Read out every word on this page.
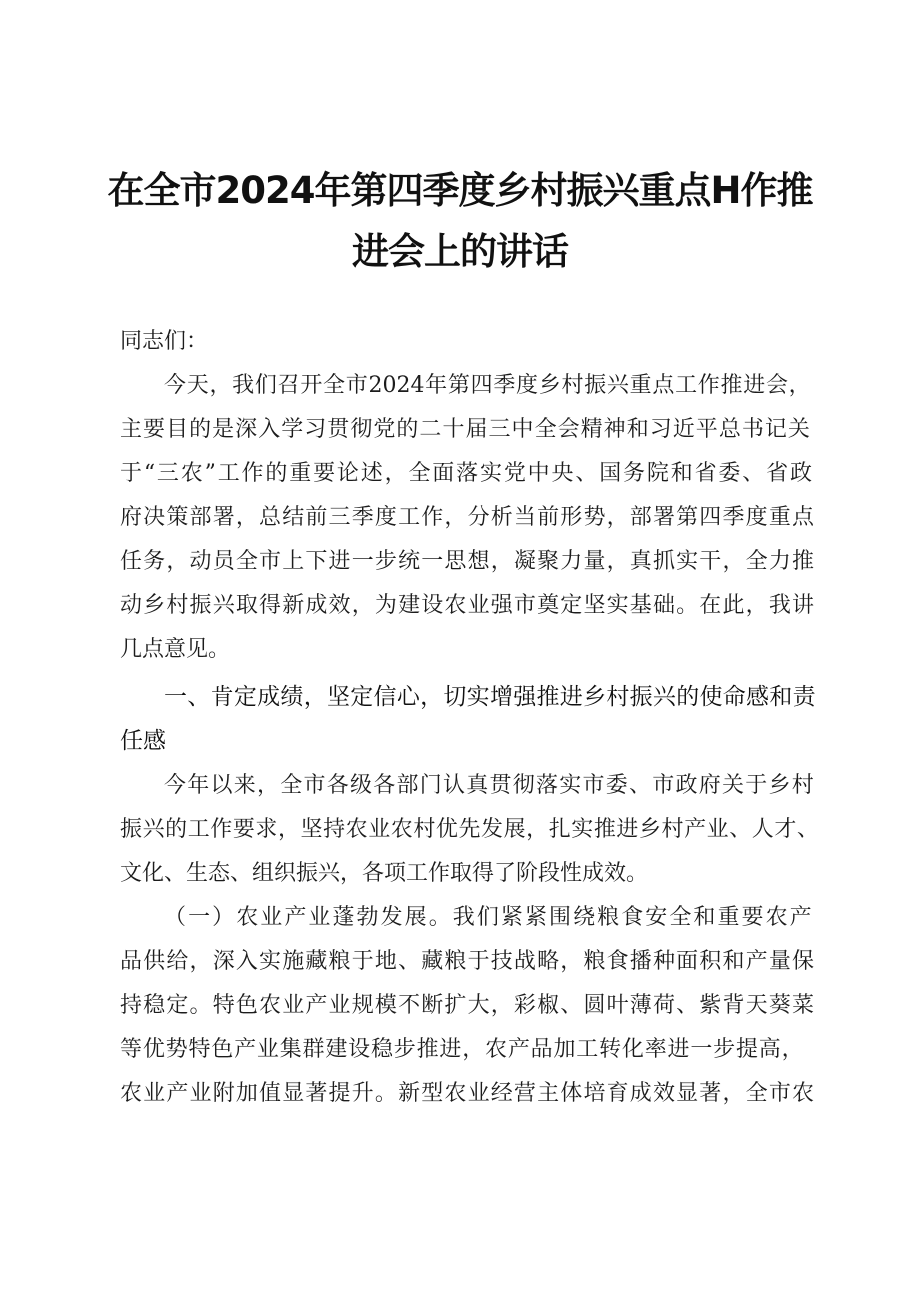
在全市2024年第四季度乡村振兴重点H作推
进会上的讲话
同志们：
今 天 ， 我 们 召 开 全 市 2024 年 第 四 季 度 乡 村 振 兴 重 点 工 作 推 进 会 ，
主 要 目 的 是 深 入 学 习 贯 彻 党 的 二 十 届 三 中 全 会 精 神 和 习 近 平 总 书 记 关
于 “ 三 农 ” 工 作 的 重 要 论 述 ， 全 面 落 实 党 中 央 、 国 务 院 和 省 委 、 省 政
府 决 策 部 署 ， 总 结 前 三 季 度 工 作 ， 分 析 当 前 形 势 ， 部 署 第 四 季 度 重 点
任 务 ， 动 员 全 市 上 下 进 一 步 统 一 思 想 ， 凝 聚 力 量 ， 真 抓 实 干 ， 全 力 推
动 乡 村 振 兴 取 得 新 成 效 ， 为 建 设 农 业 强 市 奠 定 坚 实 基 础 。 在 此 ， 我 讲
几点意见。
一 、 肯 定 成 绩 ， 坚 定 信 心 ， 切 实 增 强 推 进 乡 村 振 兴 的 使 命 感 和 责
任感
今 年 以 来 ， 全 市 各 级 各 部 门 认 真 贯 彻 落 实 市 委 、 市 政 府 关 于 乡 村
振 兴 的 工 作 要 求 ， 坚 持 农 业 农 村 优 先 发 展 ， 扎 实 推 进 乡 村 产 业 、 人 才 、
文化、生态、组织振兴，各项工作取得了阶段性成效。
（ 一 ） 农 业 产 业 蓬 勃 发 展 。 我 们 紧 紧 围 绕 粮 食 安 全 和 重 要 农 产
品 供 给 ， 深 入 实 施 藏 粮 于 地 、 藏 粮 于 技 战 略 ， 粮 食 播 种 面 积 和 产 量 保
持 稳 定 。 特 色 农 业 产 业 规 模 不 断 扩 大 ， 彩 椒 、 圆 叶 薄 荷 、 紫 背 天 葵 菜
等 优 势 特 色 产 业 集 群 建 设 稳 步 推 进 ， 农 产 品 加 工 转 化 率 进 一 步 提 高 ，
农 业 产 业 附 加 值 显 著 提 升 。 新 型 农 业 经 营 主 体 培 育 成 效 显 著 ， 全 市 农
